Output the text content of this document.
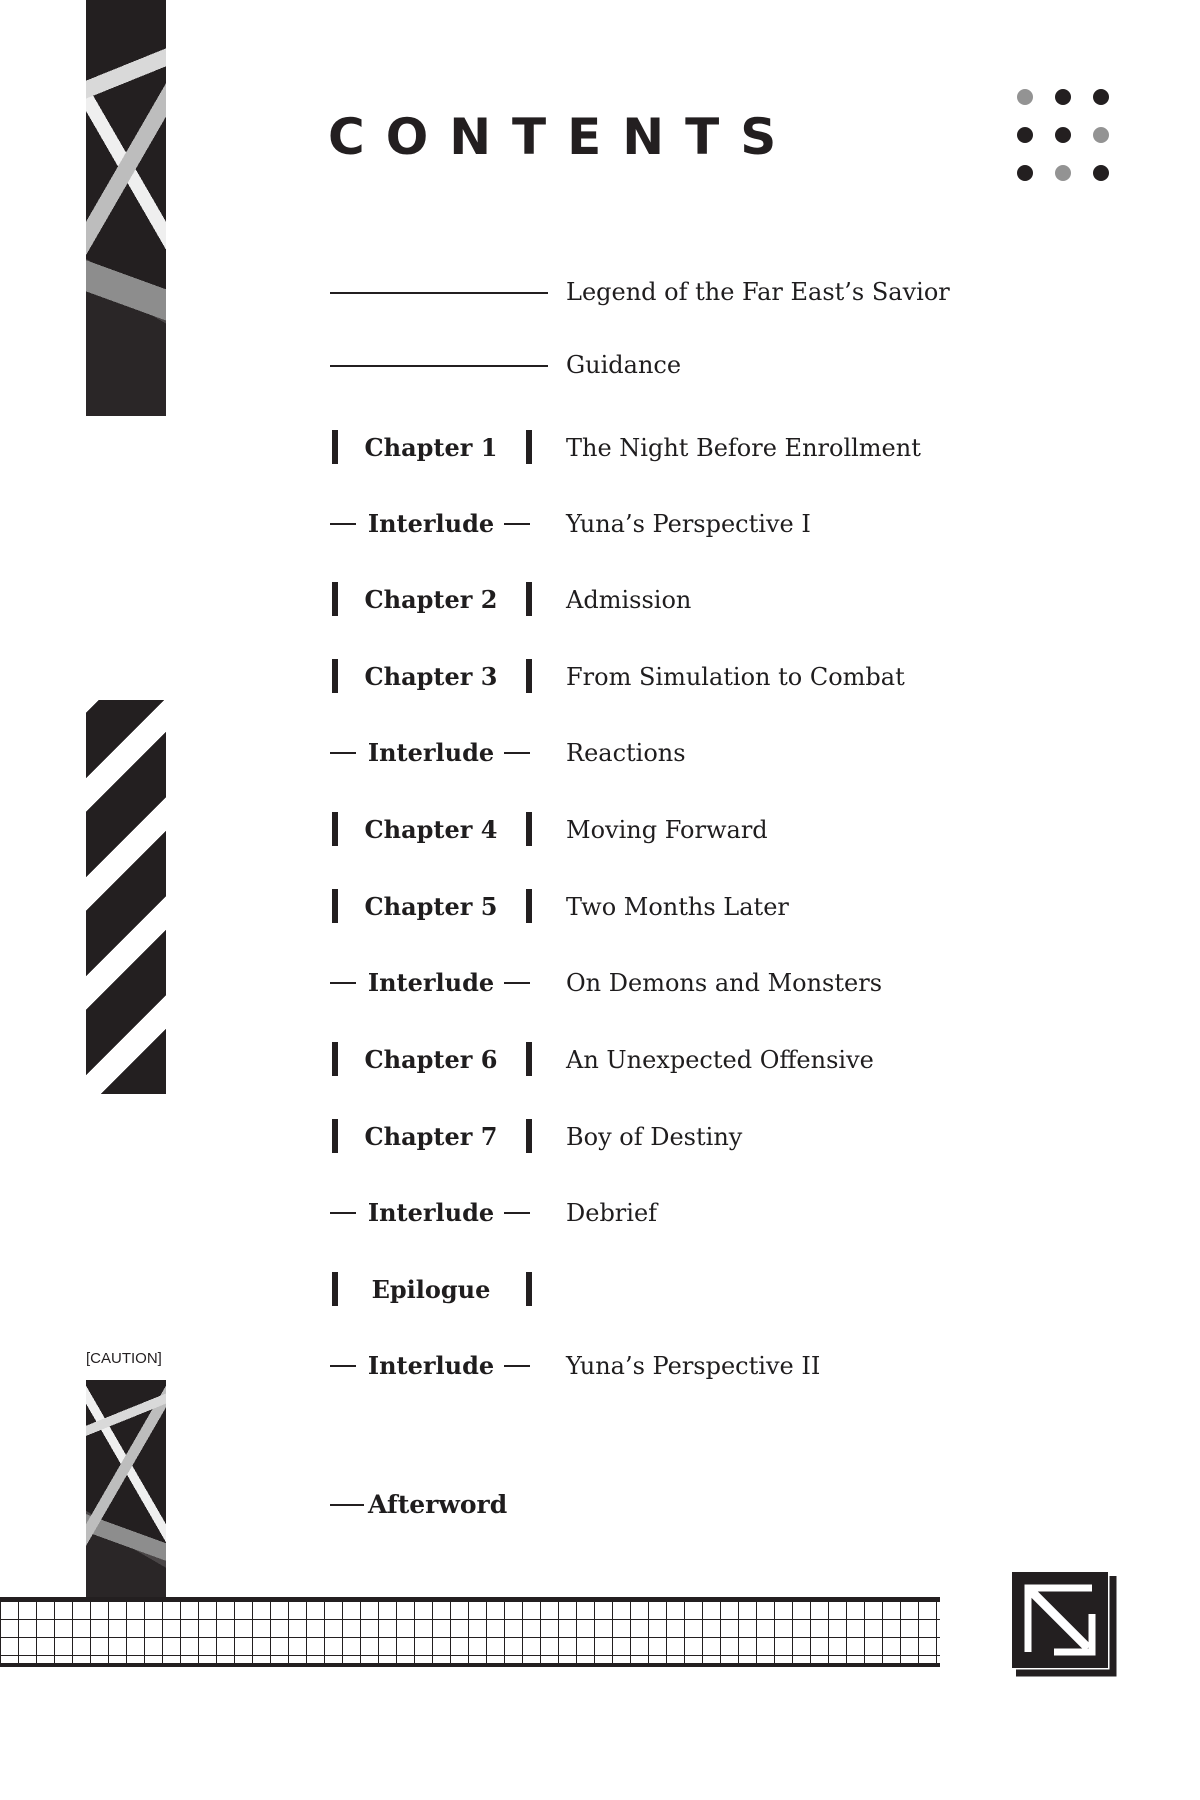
[CAUTION]
CONTENTS
Legend of the Far East’s Savior
Guidance
Chapter 1	The Night Before Enrollment
Interlude	Yuna’s Perspective I
Chapter 2	Admission
Chapter 3	From Simulation to Combat
Interlude	Reactions
Chapter 4	Moving Forward
Chapter 5	Two Months Later
Interlude	On Demons and Monsters
Chapter 6	An Unexpected Offensive
Chapter 7	Boy of Destiny
Interlude	Debrief
Epilogue
Interlude	Yuna’s Perspective II
Afterword
